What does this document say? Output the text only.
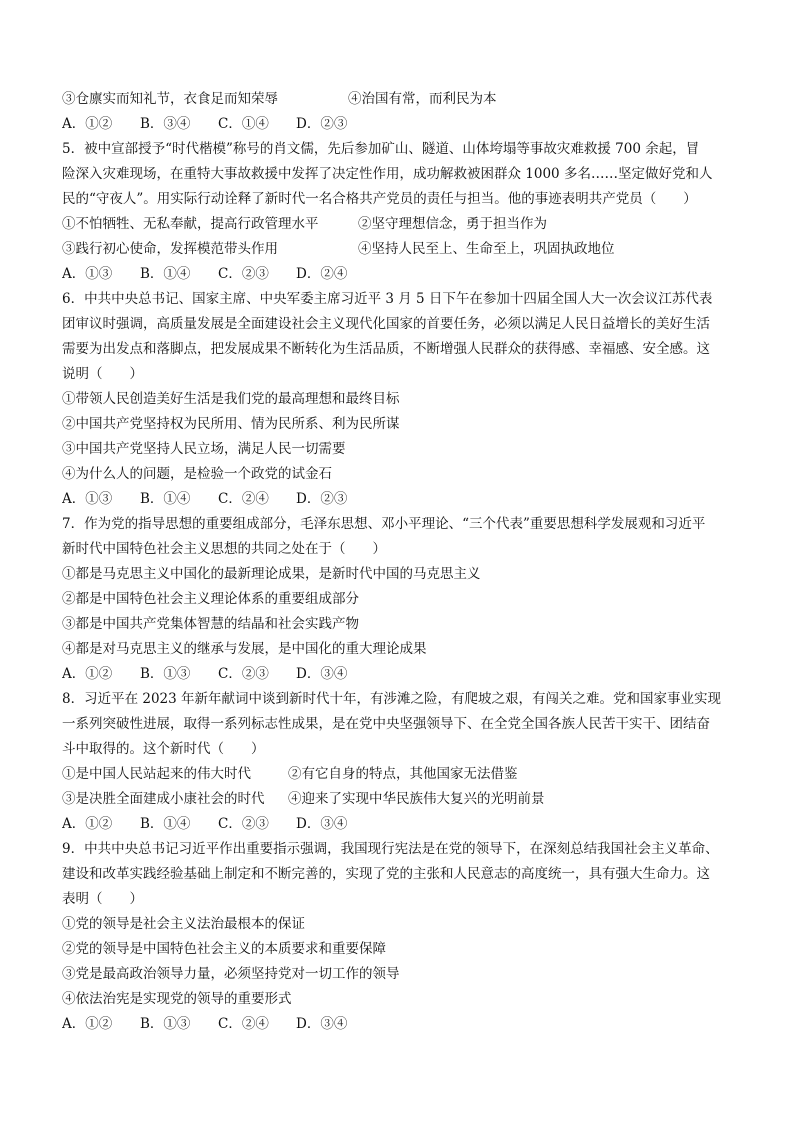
③仓廪实而知礼节，衣食足而知荣辱	④治国有常，而利民为本
A．①②	B．③④	C．①④	D．②③
5．被中宣部授予“时代楷模”称号的肖文儒，先后参加矿山、隧道、山体垮塌等事故灾难救援 700 余起，冒
险深入灾难现场，在重特大事故救援中发挥了决定性作用，成功解救被困群众 1000 多名……坚定做好党和人
民的“守夜人”。用实际行动诠释了新时代一名合格共产党员的责任与担当。他的事迹表明共产党员（　　）
①不怕牺牲、无私奉献，提高行政管理水平	②坚守理想信念，勇于担当作为
③践行初心使命，发挥模范带头作用	④坚持人民至上、生命至上，巩固执政地位
A．①③	B．①④	C．②③	D．②④
6．中共中央总书记、国家主席、中央军委主席习近平 3 月 5 日下午在参加十四届全国人大一次会议江苏代表
团审议时强调，高质量发展是全面建设社会主义现代化国家的首要任务，必须以满足人民日益增长的美好生活
需要为出发点和落脚点，把发展成果不断转化为生活品质，不断增强人民群众的获得感、幸福感、安全感。这
说明（　　）
①带领人民创造美好生活是我们党的最高理想和最终目标
②中国共产党坚持权为民所用、情为民所系、利为民所谋
③中国共产党坚持人民立场，满足人民一切需要
④为什么人的问题，是检验一个政党的试金石
A．①③	B．①④	C．②④	D．②③
7．作为党的指导思想的重要组成部分，毛泽东思想、邓小平理论、“三个代表”重要思想科学发展观和习近平
新时代中国特色社会主义思想的共同之处在于（　　）
①都是马克思主义中国化的最新理论成果，是新时代中国的马克思主义
②都是中国特色社会主义理论体系的重要组成部分
③都是中国共产党集体智慧的结晶和社会实践产物
④都是对马克思主义的继承与发展，是中国化的重大理论成果
A．①②	B．①③	C．②③	D．③④
8．习近平在 2023 年新年献词中谈到新时代十年，有涉滩之险，有爬坡之艰，有闯关之难。党和国家事业实现
一系列突破性进展，取得一系列标志性成果，是在党中央坚强领导下、在全党全国各族人民苦干实干、团结奋
斗中取得的。这个新时代（　　）
①是中国人民站起来的伟大时代	②有它自身的特点，其他国家无法借鉴
③是决胜全面建成小康社会的时代	④迎来了实现中华民族伟大复兴的光明前景
A．①②	B．①④	C．②③	D．③④
9．中共中央总书记习近平作出重要指示强调，我国现行宪法是在党的领导下，在深刻总结我国社会主义革命、
建设和改革实践经验基础上制定和不断完善的，实现了党的主张和人民意志的高度统一，具有强大生命力。这
表明（　　）
①党的领导是社会主义法治最根本的保证
②党的领导是中国特色社会主义的本质要求和重要保障
③党是最高政治领导力量，必须坚持党对一切工作的领导
④依法治宪是实现党的领导的重要形式
A．①②	B．①③	C．②④	D．③④
